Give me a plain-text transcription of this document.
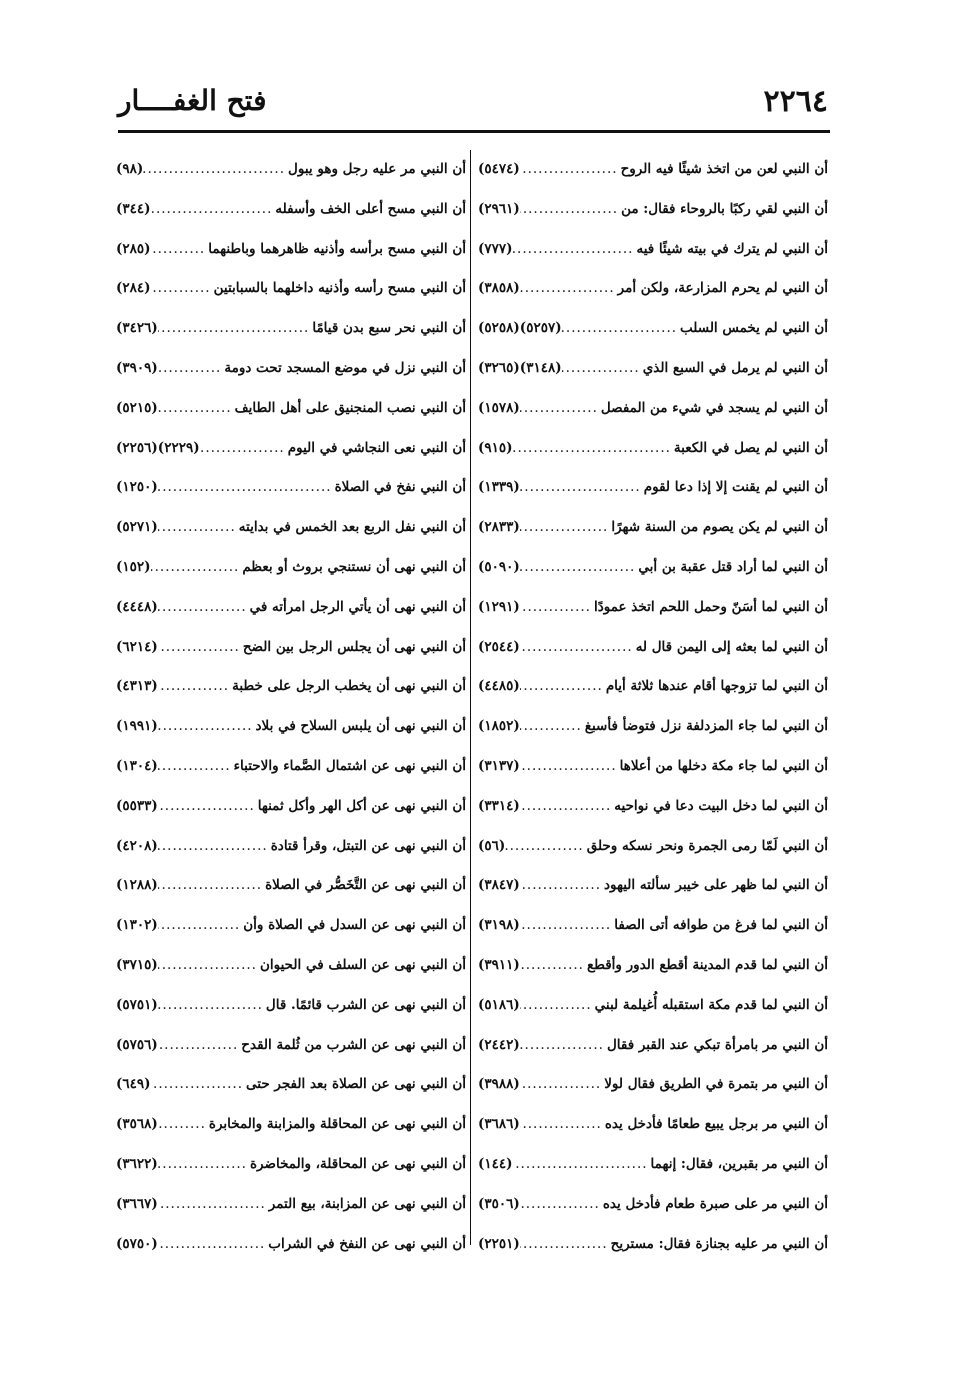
٢٢٦٤
فتح الغفــــار
أن النبي لعن من اتخذ شيئًا فيه الروح
.....
(٥٤٧٤)
أن النبي لقي ركبًا بالروحاء فقال: من
.....
(٢٩٦١)
أن النبي لم يترك في بيته شيئًا فيه
.....
(٧٧٧)
أن النبي لم يحرم المزارعة، ولكن أمر
.....
(٣٨٥٨)
أن النبي لم يخمس السلب
.....
(٥٢٥٧)(٥٢٥٨)
أن النبي لم يرمل في السبع الذي
.....
(٣١٤٨)(٣٢٦٥)
أن النبي لم يسجد في شيء من المفصل
.....
(١٥٧٨)
أن النبي لم يصل في الكعبة
.....
(٩١٥)
أن النبي لم يقنت إلا إذا دعا لقوم
.....
(١٣٣٩)
أن النبي لم يكن يصوم من السنة شهرًا
.....
(٢٨٣٣)
أن النبي لما أراد قتل عقبة بن أبي
.....
(٥٠٩٠)
أن النبي لما أسَنّ وحمل اللحم اتخذ عمودًا
.....
(١٢٩١)
أن النبي لما بعثه إلى اليمن قال له
.....
(٢٥٤٤)
أن النبي لما تزوجها أقام عندها ثلاثة أيام
.....
(٤٤٨٥)
أن النبي لما جاء المزدلفة نزل فتوضأ فأسبغ
.....
(١٨٥٢)
أن النبي لما جاء مكة دخلها من أعلاها
.....
(٣١٣٧)
أن النبي لما دخل البيت دعا في نواحيه
.....
(٣٣١٤)
أن النبي لَمّا رمى الجمرة ونحر نسكه وحلق
.....
(٥٦)
أن النبي لما ظهر على خيبر سألته اليهود
.....
(٣٨٤٧)
أن النبي لما فرغ من طوافه أتى الصفا
.....
(٣١٩٨)
أن النبي لما قدم المدينة أقطع الدور وأقطع
.....
(٣٩١١)
أن النبي لما قدم مكة استقبله أُغيلمة لبني
.....
(٥١٨٦)
أن النبي مر بامرأة تبكي عند القبر فقال
.....
(٢٤٤٢)
أن النبي مر بتمرة في الطريق فقال لولا
.....
(٣٩٨٨)
أن النبي مر برجل يبيع طعامًا فأدخل يده
.....
(٣٦٨٦)
أن النبي مر بقبرين، فقال: إنهما
.....
(١٤٤)
أن النبي مر على صبرة طعام فأدخل يده
.....
(٣٥٠٦)
أن النبي مر عليه بجنازة فقال: مستريح
.....
(٢٢٥١)
أن النبي مر عليه رجل وهو يبول
.....
(٩٨)
أن النبي مسح أعلى الخف وأسفله
.....
(٣٤٤)
أن النبي مسح برأسه وأذنيه ظاهرهما وباطنهما
.....
(٢٨٥)
أن النبي مسح رأسه وأذنيه داخلهما بالسبابتين
.....
(٢٨٤)
أن النبي نحر سبع بدن قيامًا
.....
(٣٤٢٦)
أن النبي نزل في موضع المسجد تحت دومة
.....
(٣٩٠٩)
أن النبي نصب المنجنيق على أهل الطايف
.....
(٥٢١٥)
أن النبي نعى النجاشي في اليوم
.....
(٢٢٢٩)(٢٢٥٦)
أن النبي نفخ في الصلاة
.....
(١٢٥٠)
أن النبي نفل الربع بعد الخمس في بدايته
.....
(٥٢٧١)
أن النبي نهى أن نستنجي بروث أو بعظم
.....
(١٥٢)
أن النبي نهى أن يأتي الرجل امرأته في
.....
(٤٤٤٨)
أن النبي نهى أن يجلس الرجل بين الضح
.....
(٦٢١٤)
أن النبي نهى أن يخطب الرجل على خطبة
.....
(٤٣١٣)
أن النبي نهى أن يلبس السلاح في بلاد
.....
(١٩٩١)
أن النبي نهى عن اشتمال الصَّماء والاحتباء
.....
(١٣٠٤)
أن النبي نهى عن أكل الهر وأكل ثمنها
.....
(٥٥٣٣)
أن النبي نهى عن التبتل، وقرأ قتادة
.....
(٤٢٠٨)
أن النبي نهى عن التَّخَصُّر في الصلاة
.....
(١٢٨٨)
أن النبي نهى عن السدل في الصلاة وأن
.....
(١٣٠٢)
أن النبي نهى عن السلف في الحيوان
.....
(٣٧١٥)
أن النبي نهى عن الشرب قائمًا. قال
.....
(٥٧٥١)
أن النبي نهى عن الشرب من ثُلمة القدح
.....
(٥٧٥٦)
أن النبي نهى عن الصلاة بعد الفجر حتى
.....
(٦٤٩)
أن النبي نهى عن المحاقلة والمزابنة والمخابرة
.....
(٣٥٦٨)
أن النبي نهى عن المحاقلة، والمخاضرة
.....
(٣٦٢٢)
أن النبي نهى عن المزابنة، بيع التمر
.....
(٣٦٦٧)
أن النبي نهى عن النفخ في الشراب
.....
(٥٧٥٠)
